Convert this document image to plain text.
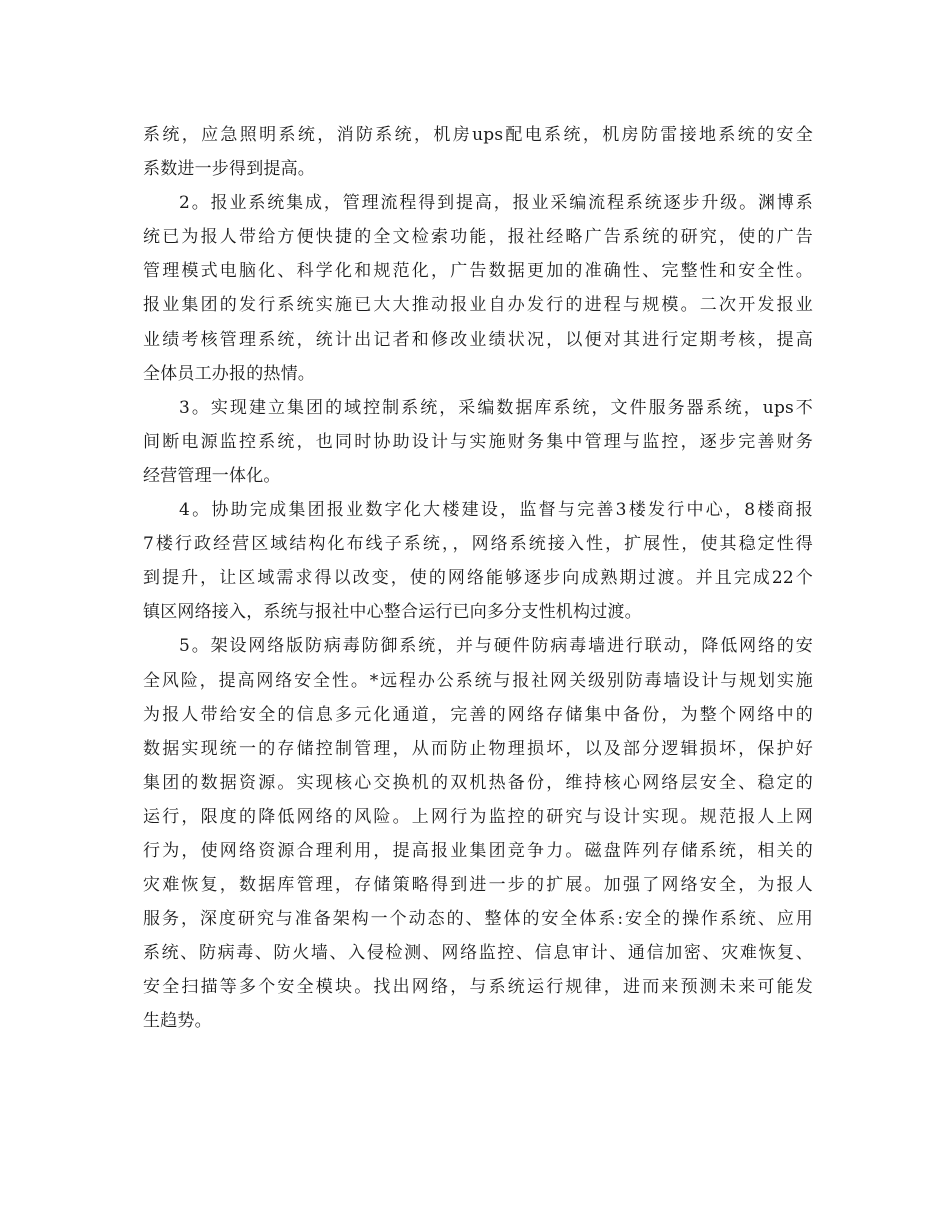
系统，应急照明系统，消防系统，机房ups配电系统，机房防雷接地系统的安全
系数进一步得到提高。
2。报业系统集成，管理流程得到提高，报业采编流程系统逐步升级。渊博系
统已为报人带给方便快捷的全文检索功能，报社经略广告系统的研究，使的广告
管理模式电脑化、科学化和规范化，广告数据更加的准确性、完整性和安全性。
报业集团的发行系统实施已大大推动报业自办发行的进程与规模。二次开发报业
业绩考核管理系统，统计出记者和修改业绩状况，以便对其进行定期考核，提高
全体员工办报的热情。
3。实现建立集团的域控制系统，采编数据库系统，文件服务器系统，ups不
间断电源监控系统，也同时协助设计与实施财务集中管理与监控，逐步完善财务
经营管理一体化。
4。协助完成集团报业数字化大楼建设，监督与完善3楼发行中心，8楼商报
7楼行政经营区域结构化布线子系统，，网络系统接入性，扩展性，使其稳定性得
到提升，让区域需求得以改变，使的网络能够逐步向成熟期过渡。并且完成22个
镇区网络接入，系统与报社中心整合运行已向多分支性机构过渡。
5。架设网络版防病毒防御系统，并与硬件防病毒墙进行联动，降低网络的安
全风险，提高网络安全性。*远程办公系统与报社网关级别防毒墙设计与规划实施
为报人带给安全的信息多元化通道，完善的网络存储集中备份，为整个网络中的
数据实现统一的存储控制管理，从而防止物理损坏，以及部分逻辑损坏，保护好
集团的数据资源。实现核心交换机的双机热备份，维持核心网络层安全、稳定的
运行，限度的降低网络的风险。上网行为监控的研究与设计实现。规范报人上网
行为，使网络资源合理利用，提高报业集团竞争力。磁盘阵列存储系统，相关的
灾难恢复，数据库管理，存储策略得到进一步的扩展。加强了网络安全，为报人
服务，深度研究与准备架构一个动态的、整体的安全体系:安全的操作系统、应用
系统、防病毒、防火墙、入侵检测、网络监控、信息审计、通信加密、灾难恢复、
安全扫描等多个安全模块。找出网络，与系统运行规律，进而来预测未来可能发
生趋势。
